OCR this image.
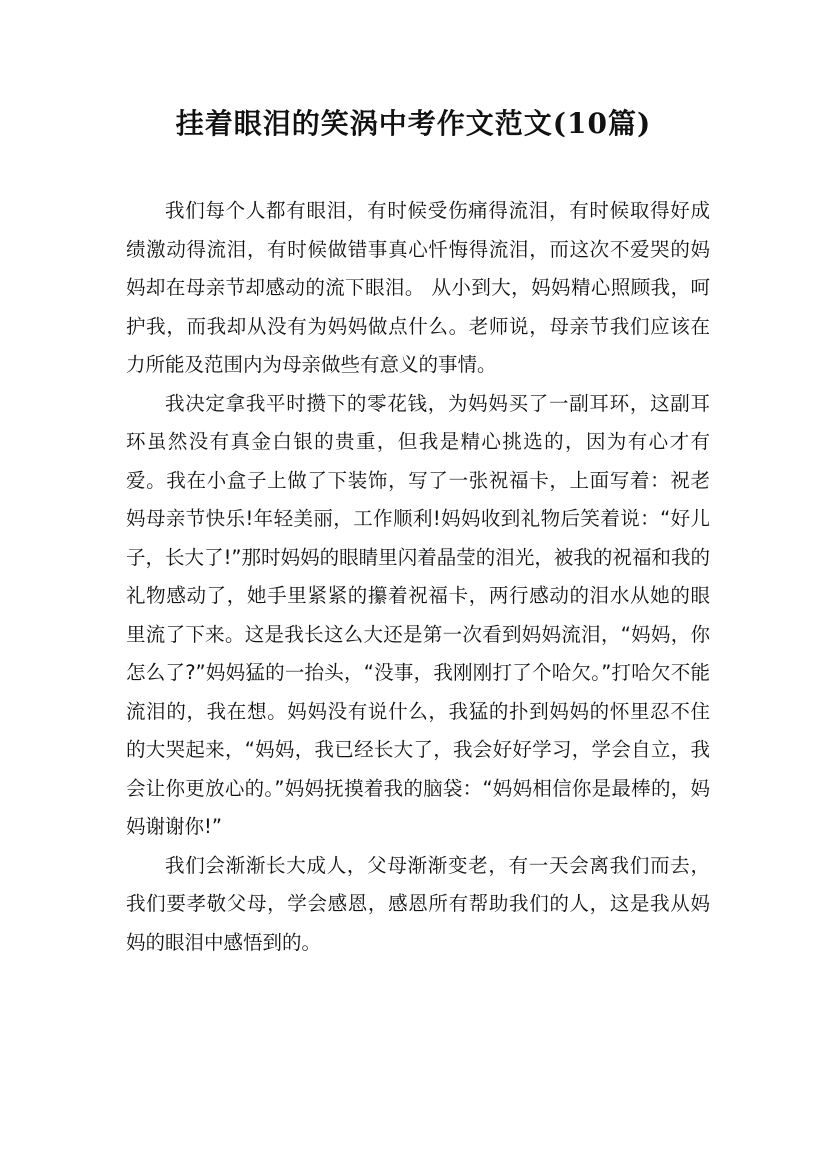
挂着眼泪的笑涡中考作文范文(10篇)

我们每个人都有眼泪，有时候受伤痛得流泪，有时候取得好成绩激动得流泪，有时候做错事真心忏悔得流泪，而这次不爱哭的妈妈却在母亲节却感动的流下眼泪。 从小到大，妈妈精心照顾我，呵护我，而我却从没有为妈妈做点什么。老师说，母亲节我们应该在力所能及范围内为母亲做些有意义的事情。

我决定拿我平时攒下的零花钱，为妈妈买了一副耳环，这副耳环虽然没有真金白银的贵重，但我是精心挑选的，因为有心才有爱。我在小盒子上做了下装饰，写了一张祝福卡，上面写着：祝老妈母亲节快乐!年轻美丽，工作顺利!妈妈收到礼物后笑着说：“好儿子，长大了!”那时妈妈的眼睛里闪着晶莹的泪光，被我的祝福和我的礼物感动了，她手里紧紧的攥着祝福卡，两行感动的泪水从她的眼里流了下来。这是我长这么大还是第一次看到妈妈流泪，“妈妈，你怎么了?”妈妈猛的一抬头，“没事，我刚刚打了个哈欠。”打哈欠不能流泪的，我在想。妈妈没有说什么，我猛的扑到妈妈的怀里忍不住的大哭起来，“妈妈，我已经长大了，我会好好学习，学会自立，我会让你更放心的。”妈妈抚摸着我的脑袋：“妈妈相信你是最棒的，妈妈谢谢你!”

我们会渐渐长大成人，父母渐渐变老，有一天会离我们而去，我们要孝敬父母，学会感恩，感恩所有帮助我们的人，这是我从妈妈的眼泪中感悟到的。
